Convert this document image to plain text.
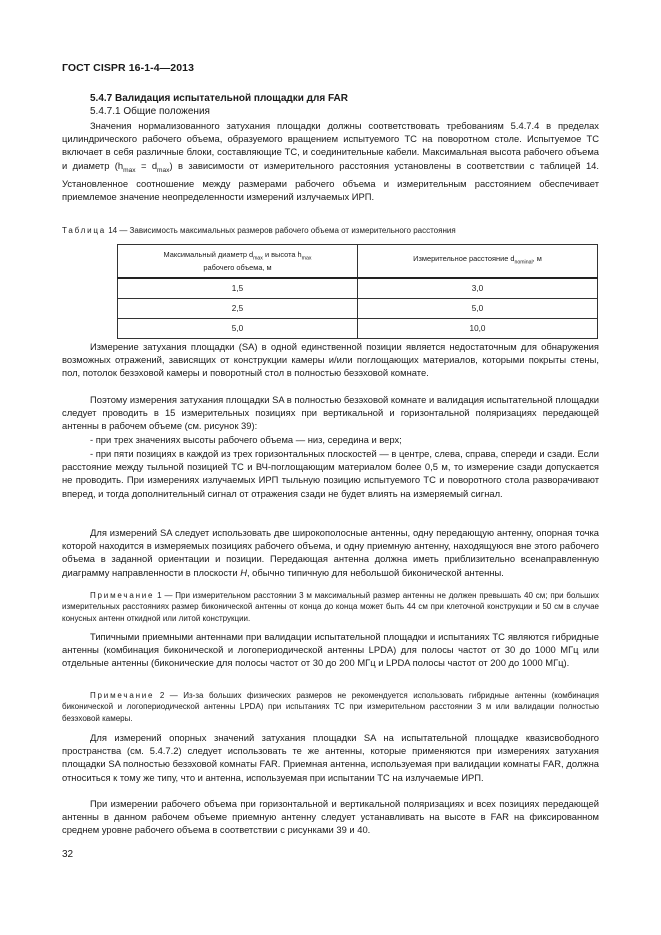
ГОСТ CISPR 16-1-4—2013
5.4.7 Валидация испытательной площадки для FAR
5.4.7.1 Общие положения

Значения нормализованного затухания площадки должны соответствовать требованиям 5.4.7.4 в пределах цилиндрического рабочего объема, образуемого вращением испытуемого ТС на поворотном столе. Испытуемое ТС включает в себя различные блоки, составляющие ТС, и соединительные кабели. Максимальная высота рабочего объема и диаметр $(h_{max} = d_{max})$ в зависимости от измерительного расстояния установлены в соответствии с таблицей 14. Установленное соотношение между размерами рабочего объема и измерительным расстоянием обеспечивает приемлемое значение неопределенности измерений излучаемых ИРП.

Таблица 14 — Зависимость максимальных размеров рабочего объема от измерительного расстояния
Максимальный диаметр $d_{max}$ и высота $h_{max}$
рабочего объема, м	Измерительное расстояние $d_{nominal}$, м
1,5	3,0
2,5	5,0
5,0	10,0

Измерение затухания площадки (SA) в одной единственной позиции является недостаточным для обнаружения возможных отражений, зависящих от конструкции камеры и/или поглощающих материалов, которыми покрыты стены, пол, потолок безэховой камеры и поворотный стол в полностью безэховой комнате.

Поэтому измерения затухания площадки SA в полностью безэховой комнате и валидация испытательной площадки следует проводить в 15 измерительных позициях при вертикальной и горизонтальной поляризациях передающей антенны в рабочем объеме (см. рисунок 39):

- при трех значениях высоты рабочего объема — низ, середина и верх;

- при пяти позициях в каждой из трех горизонтальных плоскостей — в центре, слева, справа, спереди и сзади. Если расстояние между тыльной позицией ТС и ВЧ-поглощающим материалом более 0,5 м, то измерение сзади допускается не проводить. При измерениях излучаемых ИРП тыльную позицию испытуемого ТС и поворотного стола разворачивают вперед, и тогда дополнительный сигнал от отражения сзади не будет влиять на измеряемый сигнал.

Для измерений SA следует использовать две широкополосные антенны, одну передающую антенну, опорная точка которой находится в измеряемых позициях рабочего объема, и одну приемную антенну, находящуюся вне этого рабочего объема в заданной ориентации и позиции. Передающая антенна должна иметь приблизительно всенаправленную диаграмму направленности в плоскости H, обычно типичную для небольшой биконической антенны.

Примечание 1 — При измерительном расстоянии 3 м максимальный размер антенны не должен превышать 40 см; при больших измерительных расстояниях размер биконической антенны от конца до конца может быть 44 см при клеточной конструкции и 50 см в случае конусных антенн откидной или литой конструкции.

Типичными приемными антеннами при валидации испытательной площадки и испытаниях ТС являются гибридные антенны (комбинация биконической и логопериодической антенны LPDA) для полосы частот от 30 до 1000 МГц или отдельные антенны (биконические для полосы частот от 30 до 200 МГц и LPDA полосы частот от 200 до 1000 МГц).

Примечание 2 — Из-за больших физических размеров не рекомендуется использовать гибридные антенны (комбинация биконической и логопериодической антенны LPDA) при испытаниях ТС при измерительном расстоянии 3 м или валидации полностью безэховой камеры.

Для измерений опорных значений затухания площадки SA на испытательной площадке квазисвободного пространства (см. 5.4.7.2) следует использовать те же антенны, которые применяются при измерениях затухания площадки SA полностью безэховой комнаты FAR. Приемная антенна, используемая при валидации комнаты FAR, должна относиться к тому же типу, что и антенна, используемая при испытании ТС на излучаемые ИРП.

При измерении рабочего объема при горизонтальной и вертикальной поляризациях и всех позициях передающей антенны в данном рабочем объеме приемную антенну следует устанавливать на высоте в FAR на фиксированном среднем уровне рабочего объема в соответствии с рисунками 39 и 40.

32
